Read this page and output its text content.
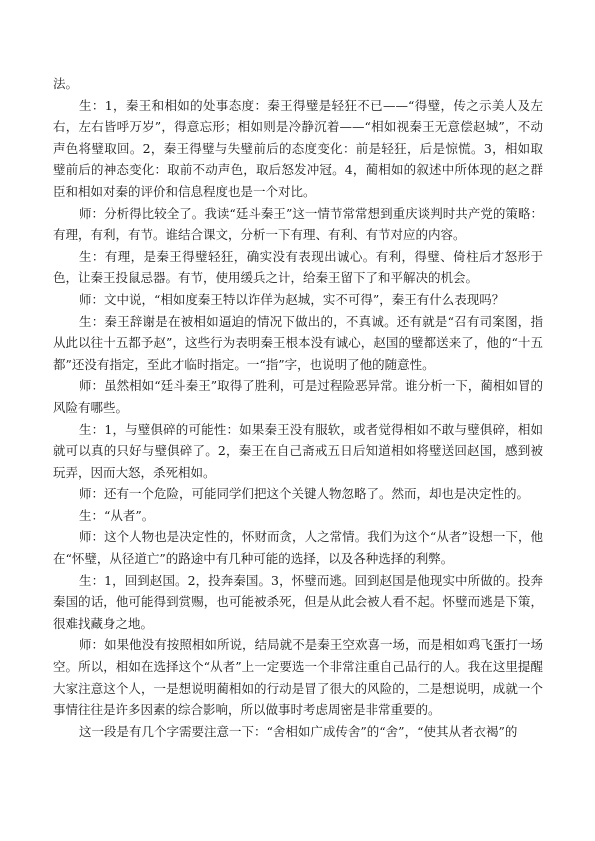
法。

生：1，秦王和相如的处事态度：秦王得璧是轻狂不已——“得璧，传之示美人及左右，左右皆呼万岁”，得意忘形；相如则是冷静沉着——“相如视秦王无意偿赵城”，不动声色将璧取回。2，秦王得璧与失璧前后的态度变化：前是轻狂，后是惊慌。3，相如取璧前后的神态变化：取前不动声色，取后怒发冲冠。4，蔺相如的叙述中所体现的赵之群臣和相如对秦的评价和信息程度也是一个对比。

师：分析得比较全了。我读“廷斗秦王”这一情节常常想到重庆谈判时共产党的策略：有理，有利，有节。谁结合课文，分析一下有理、有利、有节对应的内容。

生：有理，是秦王得璧轻狂，确实没有表现出诚心。有利，得璧、倚柱后才怒形于色，让秦王投鼠忌器。有节，使用缓兵之计，给秦王留下了和平解决的机会。

师：文中说，“相如度秦王特以诈佯为赵城，实不可得”，秦王有什么表现吗？

生：秦王辞谢是在被相如逼迫的情况下做出的，不真诚。还有就是“召有司案图，指从此以往十五都予赵”，这些行为表明秦王根本没有诚心，赵国的璧都送来了，他的“十五都”还没有指定，至此才临时指定。一“指”字，也说明了他的随意性。

师：虽然相如“廷斗秦王”取得了胜利，可是过程险恶异常。谁分析一下，蔺相如冒的风险有哪些。

生：1，与璧俱碎的可能性：如果秦王没有服软，或者觉得相如不敢与璧俱碎，相如就可以真的只好与璧俱碎了。2，秦王在自己斋戒五日后知道相如将璧送回赵国，感到被玩弄，因而大怒，杀死相如。

师：还有一个危险，可能同学们把这个关键人物忽略了。然而，却也是决定性的。

生：“从者”。

师：这个人物也是决定性的，怀财而贪，人之常情。我们为这个“从者”设想一下，他在“怀璧，从径道亡”的路途中有几种可能的选择，以及各种选择的利弊。

生：1，回到赵国。2，投奔秦国。3，怀璧而逃。回到赵国是他现实中所做的。投奔秦国的话，他可能得到赏赐，也可能被杀死，但是从此会被人看不起。怀璧而逃是下策，很难找藏身之地。

师：如果他没有按照相如所说，结局就不是秦王空欢喜一场，而是相如鸡飞蛋打一场空。所以，相如在选择这个“从者”上一定要选一个非常注重自己品行的人。我在这里提醒大家注意这个人，一是想说明蔺相如的行动是冒了很大的风险的，二是想说明，成就一个事情往往是许多因素的综合影响，所以做事时考虑周密是非常重要的。

这一段是有几个字需要注意一下：“舍相如广成传舍”的“舍”，“使其从者衣褐”的
